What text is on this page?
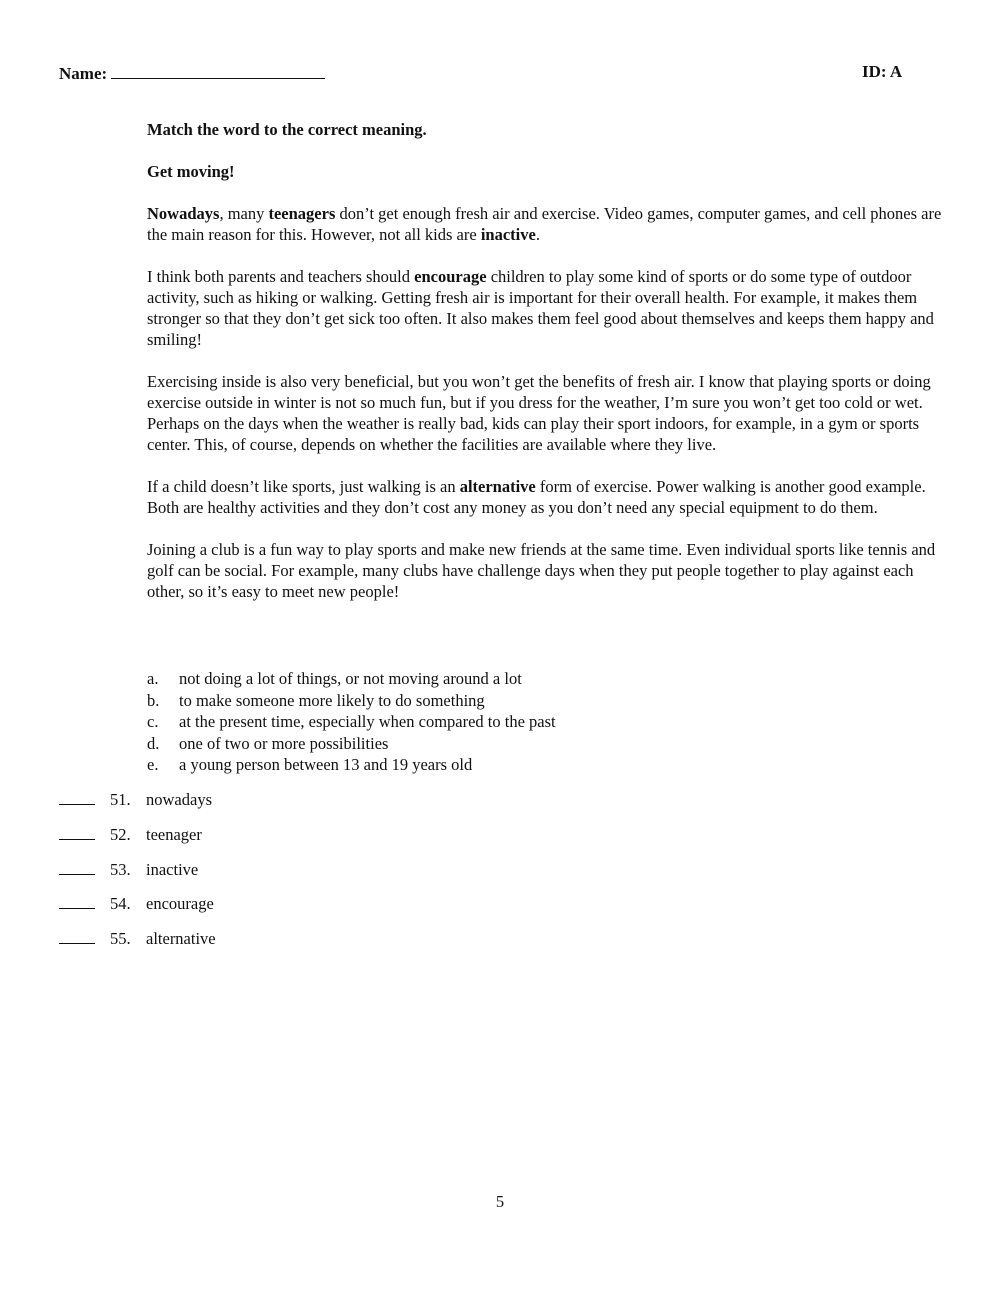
Name:	ID: A

Match the word to the correct meaning.

Get moving!

Nowadays, many teenagers don’t get enough fresh air and exercise. Video games, computer games, and cell phones are the main reason for this. However, not all kids are inactive.

I think both parents and teachers should encourage children to play some kind of sports or do some type of outdoor activity, such as hiking or walking. Getting fresh air is important for their overall health. For example, it makes them stronger so that they don’t get sick too often. It also makes them feel good about themselves and keeps them happy and smiling!

Exercising inside is also very beneficial, but you won’t get the benefits of fresh air. I know that playing sports or doing exercise outside in winter is not so much fun, but if you dress for the weather, I’m sure you won’t get too cold or wet. Perhaps on the days when the weather is really bad, kids can play their sport indoors, for example, in a gym or sports center. This, of course, depends on whether the facilities are available where they live.

If a child doesn’t like sports, just walking is an alternative form of exercise. Power walking is another good example. Both are healthy activities and they don’t cost any money as you don’t need any special equipment to do them.

Joining a club is a fun way to play sports and make new friends at the same time. Even individual sports like tennis and golf can be social. For example, many clubs have challenge days when they put people together to play against each other, so it’s easy to meet new people!

a.	not doing a lot of things, or not moving around a lot
b.	to make someone more likely to do something
c.	at the present time, especially when compared to the past
d.	one of two or more possibilities
e.	a young person between 13 and 19 years old
51. nowadays
52. teenager
53. inactive
54. encourage
55. alternative
5
